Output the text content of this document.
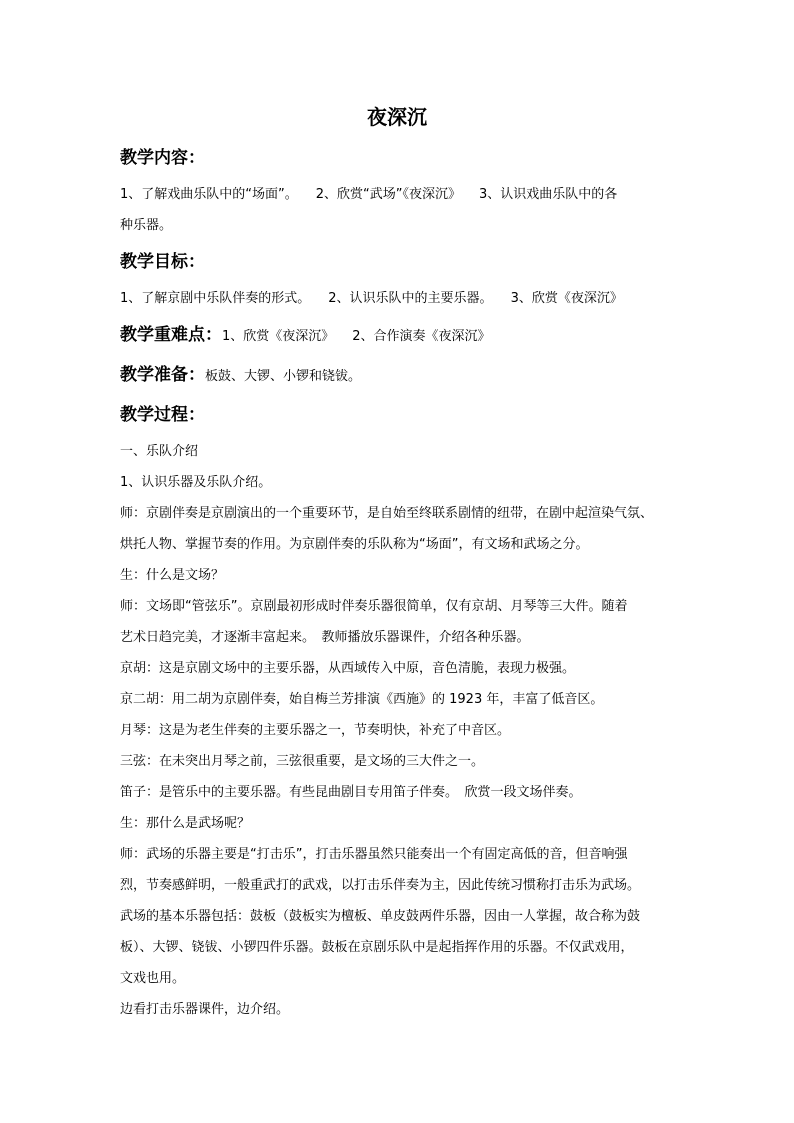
夜深沉
教学内容：
1、了解戏曲乐队中的“场面”。 2、欣赏“武场”《夜深沉》 3、认识戏曲乐队中的各
种乐器。
教学目标：
1、了解京剧中乐队伴奏的形式。 2、认识乐队中的主要乐器。 3、欣赏《夜深沉》
教学重难点：1、欣赏《夜深沉》 2、合作演奏《夜深沉》
教学准备：板鼓、大锣、小锣和铙钹。
教学过程：
一、乐队介绍
1、认识乐器及乐队介绍。
师：京剧伴奏是京剧演出的一个重要环节，是自始至终联系剧情的纽带，在剧中起渲染气氛、
烘托人物、掌握节奏的作用。为京剧伴奏的乐队称为“场面”，有文场和武场之分。
生：什么是文场？
师：文场即“管弦乐”。京剧最初形成时伴奏乐器很简单，仅有京胡、月琴等三大件。随着
艺术日趋完美，才逐渐丰富起来。　教师播放乐器课件，介绍各种乐器。
京胡：这是京剧文场中的主要乐器，从西域传入中原，音色清脆，表现力极强。
京二胡：用二胡为京剧伴奏，始自梅兰芳排演《西施》的 1923 年，丰富了低音区。
月琴：这是为老生伴奏的主要乐器之一，节奏明快，补充了中音区。
三弦：在未突出月琴之前，三弦很重要，是文场的三大件之一。
笛子：是管乐中的主要乐器。有些昆曲剧目专用笛子伴奏。　欣赏一段文场伴奏。
生：那什么是武场呢？
师：武场的乐器主要是“打击乐”，打击乐器虽然只能奏出一个有固定高低的音，但音响强
烈，节奏感鲜明，一般重武打的武戏，以打击乐伴奏为主，因此传统习惯称打击乐为武场。
武场的基本乐器包括：鼓板（鼓板实为檀板、单皮鼓两件乐器，因由一人掌握，故合称为鼓
板）、大锣、铙钹、小锣四件乐器。鼓板在京剧乐队中是起指挥作用的乐器。不仅武戏用，
文戏也用。
边看打击乐器课件，边介绍。
